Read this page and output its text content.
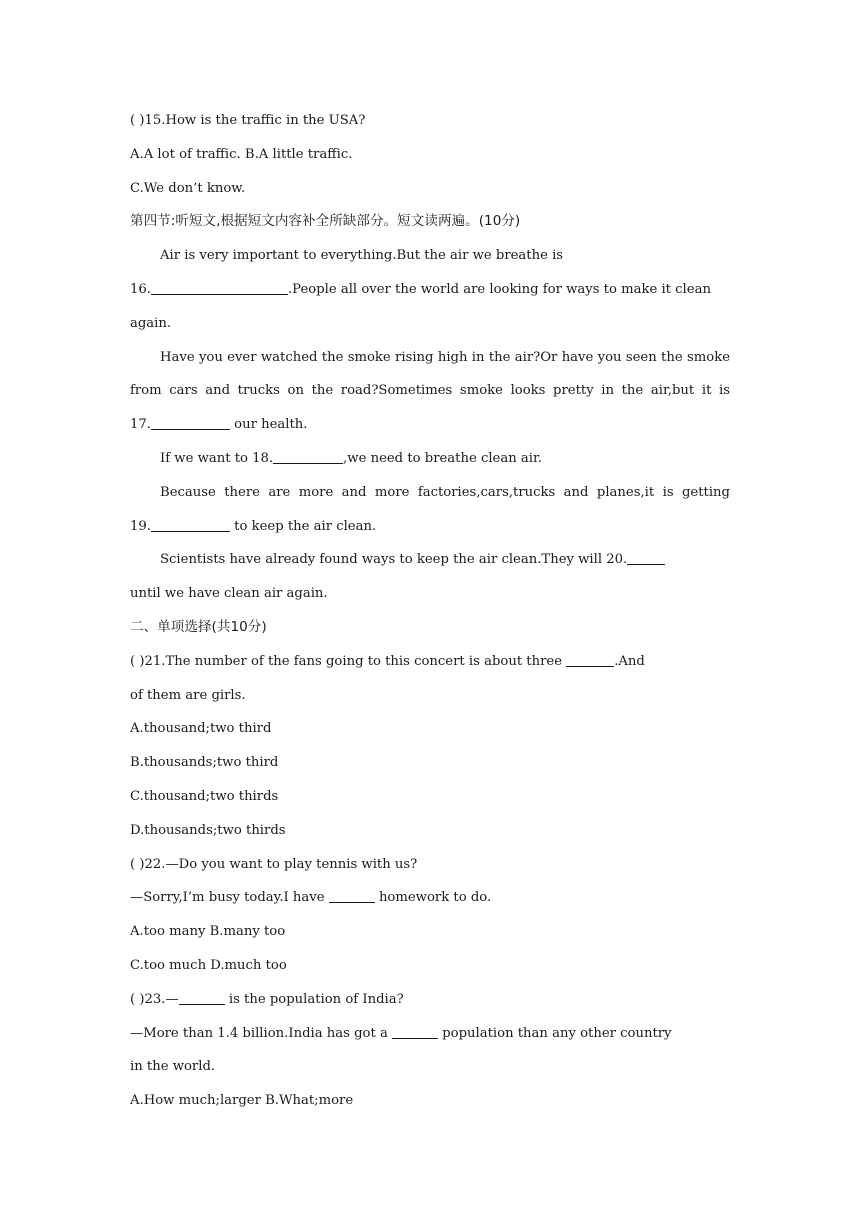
( )15.How is the traffic in the USA?
A.A lot of traffic. B.A little traffic.
C.We don’t know.
第四节:听短文,根据短文内容补全所缺部分。短文读两遍。(10分)
Air is very important to everything.But the air we breathe is
16.	.People all over the world are looking for ways to make it clean
again.
Have you ever watched the smoke rising high in the air?Or have you seen the smoke
from cars and trucks on the road?Sometimes smoke looks pretty in the air,but it is
17.	our health.
If we want to 18.	,we need to breathe clean air.
Because there are more and more factories,cars,trucks and planes,it is getting
19.	to keep the air clean.
Scientists have already found ways to keep the air clean.They will 20.
until we have clean air again.
二、单项选择(共10分)
( )21.The number of the fans going to this concert is about three	.And
of them are girls.
A.thousand;two third
B.thousands;two third
C.thousand;two thirds
D.thousands;two thirds
( )22.—Do you want to play tennis with us?
—Sorry,I’m busy today.I have	homework to do.
A.too many B.many too
C.too much D.much too
( )23.—	is the population of India?
—More than 1.4 billion.India has got a	population than any other country
in the world.
A.How much;larger B.What;more
